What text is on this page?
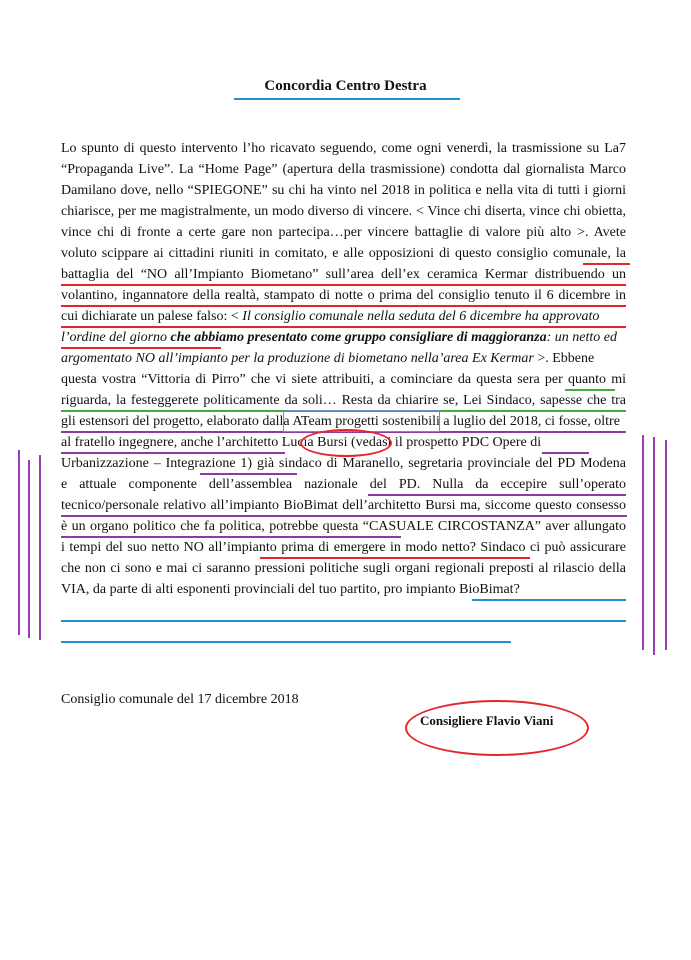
Concordia Centro Destra
Lo spunto di questo intervento l’ho ricavato seguendo, come ogni venerdì, la trasmissione su La7
“Propaganda Live”. La “Home Page” (apertura della trasmissione) condotta dal giornalista Marco
Damilano dove, nello “SPIEGONE” su chi ha vinto nel 2018 in politica e nella vita di tutti i giorni
chiarisce, per me magistralmente, un modo diverso di vincere. < Vince chi diserta, vince chi obietta,
vince chi di fronte a certe gare non partecipa…per vincere battaglie di valore più alto >. Avete
voluto scippare ai cittadini riuniti in comitato, e alle opposizioni di questo consiglio comunale, la
battaglia del “NO all’Impianto Biometano” sull’area dell’ex ceramica Kermar distribuendo un
volantino, ingannatore della realtà, stampato di notte o prima del consiglio tenuto il 6 dicembre in
cui dichiarate un palese falso: < Il consiglio comunale nella seduta del 6 dicembre ha approvato
l’ordine del giorno che abbiamo presentato come gruppo consigliare di maggioranza: un netto ed
argomentato NO all’impianto per la produzione di biometano nella’area Ex Kermar >. Ebbene
questa vostra “Vittoria di Pirro” che vi siete attribuiti, a cominciare da questa sera per quanto mi
riguarda, la festeggerete politicamente da soli… Resta da chiarire se, Lei Sindaco, sapesse che tra
gli estensori del progetto, elaborato dalla ATeam progetti sostenibili a luglio del 2018, ci fosse, oltre
al fratello ingegnere, anche l’architetto Lucia Bursi (vedasi il prospetto PDC Opere di
Urbanizzazione – Integrazione 1) già sindaco di Maranello, segretaria provinciale del PD Modena
e attuale componente dell’assemblea nazionale del PD. Nulla da eccepire sull’operato
tecnico/personale relativo all’impianto BioBimat dell’architetto Bursi ma, siccome questo consesso
è un organo politico che fa politica, potrebbe questa “CASUALE CIRCOSTANZA” aver allungato
i tempi del suo netto NO all’impianto prima di emergere in modo netto? Sindaco ci può assicurare
che non ci sono e mai ci saranno pressioni politiche sugli organi regionali preposti al rilascio della
VIA, da parte di alti esponenti provinciali del tuo partito, pro impianto BioBimat?
Consiglio comunale del 17 dicembre 2018
Consigliere Flavio Viani
